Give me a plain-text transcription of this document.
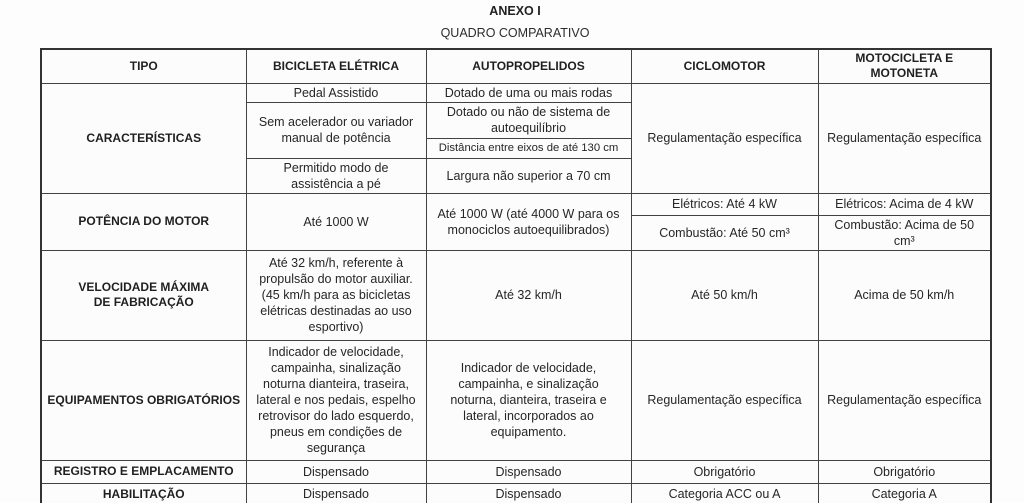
ANEXO I
QUADRO COMPARATIVO
TIPO	BICICLETA ELÉTRICA	AUTOPROPELIDOS	CICLOMOTOR	MOTOCICLETA E MOTONETA
CARACTERÍSTICAS	Pedal Assistido	Dotado de uma ou mais rodas	Regulamentação específica	Regulamentação específica
	Sem acelerador ou variador manual de potência	Dotado ou não de sistema de autoequilíbrio		
		Distância entre eixos de até 130 cm		
	Permitido modo de assistência a pé	Largura não superior a 70 cm		
POTÊNCIA DO MOTOR	Até 1000 W	Até 1000 W (até 4000 W para os monociclos autoequilibrados)	Elétricos: Até 4 kW	Elétricos: Acima de 4 kW
			Combustão: Até 50 cm³	Combustão: Acima de 50 cm³
VELOCIDADE MÁXIMA DE FABRICAÇÃO	Até 32 km/h, referente à propulsão do motor auxiliar. (45 km/h para as bicicletas elétricas destinadas ao uso esportivo)	Até 32 km/h	Até 50 km/h	Acima de 50 km/h
EQUIPAMENTOS OBRIGATÓRIOS	Indicador de velocidade, campainha, sinalização noturna dianteira, traseira, lateral e nos pedais, espelho retrovisor do lado esquerdo, pneus em condições de segurança	Indicador de velocidade, campainha, e sinalização noturna, dianteira, traseira e lateral, incorporados ao equipamento.	Regulamentação específica	Regulamentação específica
REGISTRO E EMPLACAMENTO	Dispensado	Dispensado	Obrigatório	Obrigatório
HABILITAÇÃO	Dispensado	Dispensado	Categoria ACC ou A	Categoria A
